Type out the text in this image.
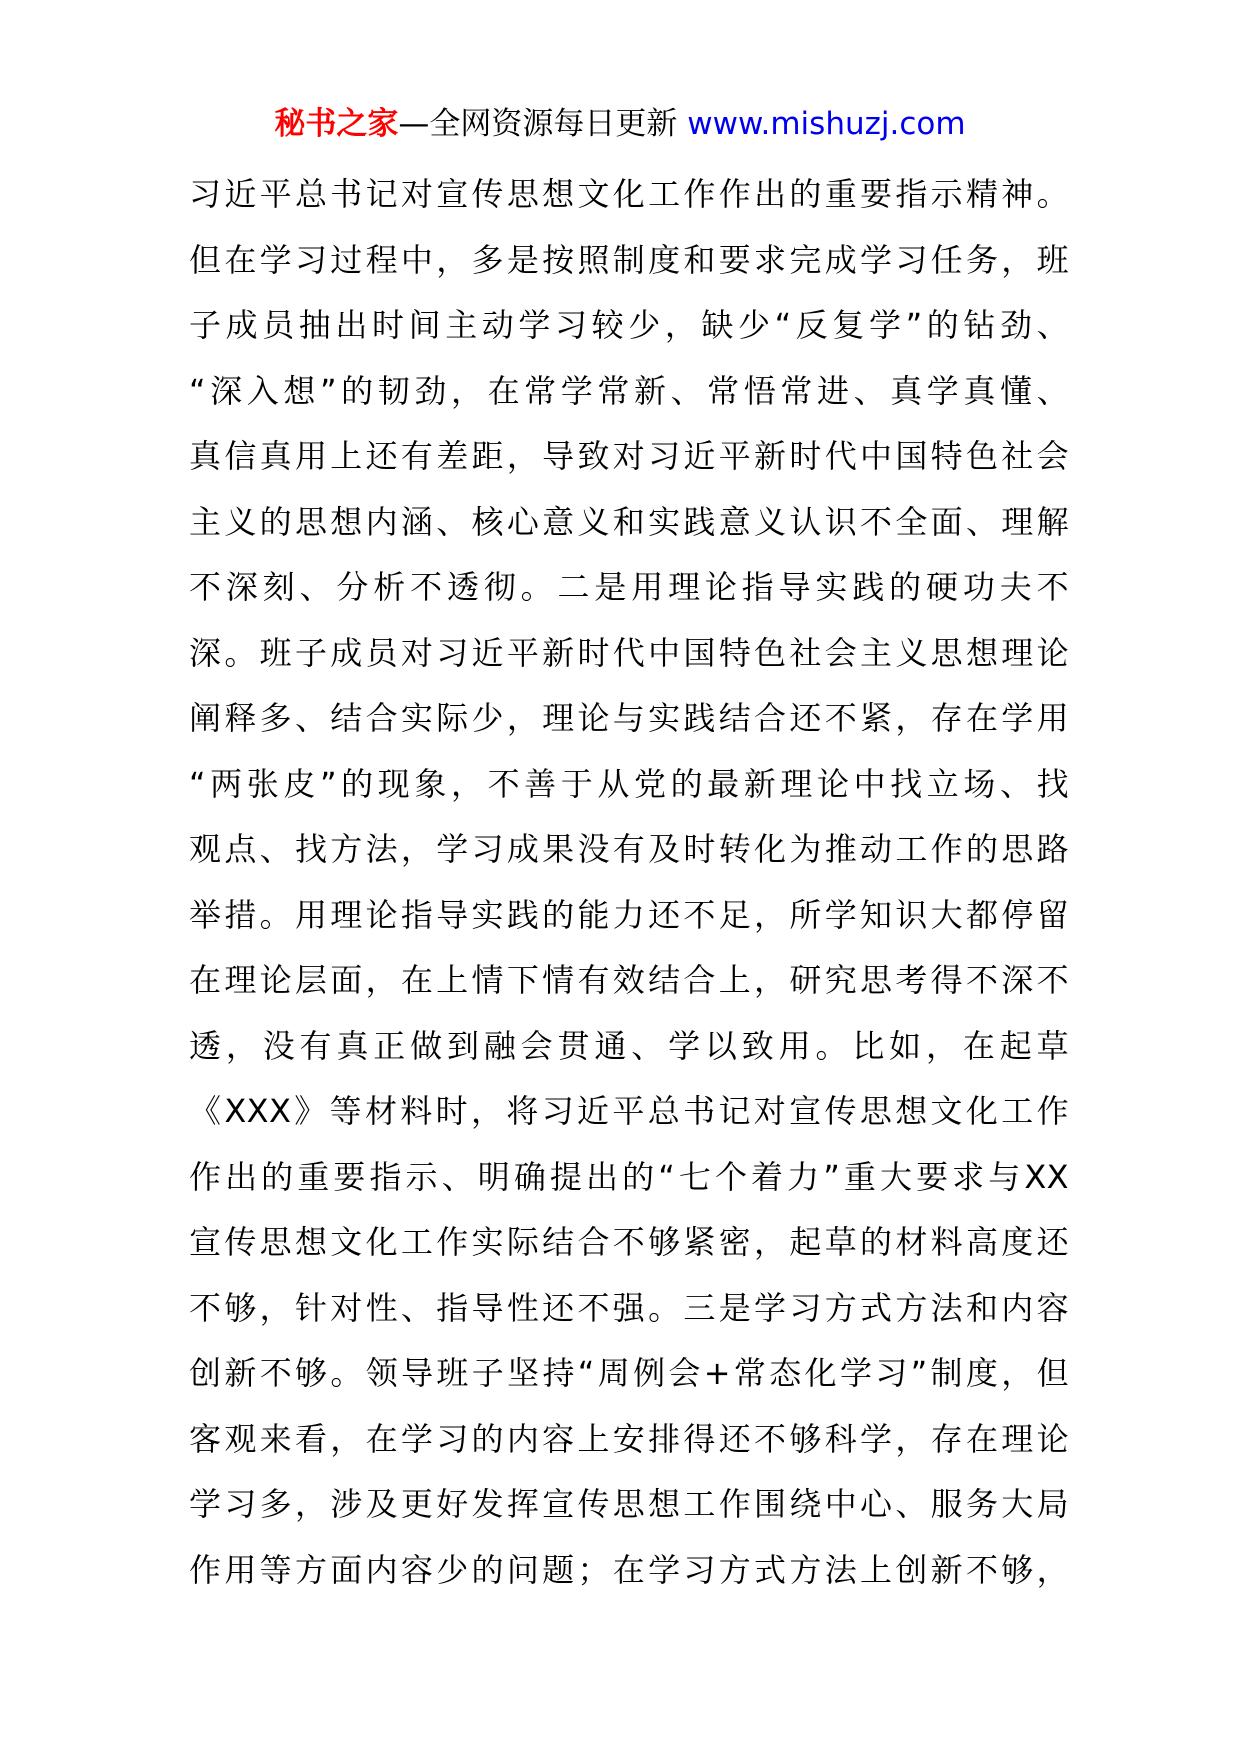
秘书之家—全网资源每日更新 www.mishuzj.com
习近平总书记对宣传思想文化工作作出的重要指示精神。
但在学习过程中，多是按照制度和要求完成学习任务，班
子成员抽出时间主动学习较少，缺少“反复学”的钻劲、
“深入想”的韧劲，在常学常新、常悟常进、真学真懂、
真信真用上还有差距，导致对习近平新时代中国特色社会
主义的思想内涵、核心意义和实践意义认识不全面、理解
不深刻、分析不透彻。二是用理论指导实践的硬功夫不
深。班子成员对习近平新时代中国特色社会主义思想理论
阐释多、结合实际少，理论与实践结合还不紧，存在学用
“两张皮”的现象，不善于从党的最新理论中找立场、找
观点、找方法，学习成果没有及时转化为推动工作的思路
举措。用理论指导实践的能力还不足，所学知识大都停留
在理论层面，在上情下情有效结合上，研究思考得不深不
透，没有真正做到融会贯通、学以致用。比如，在起草
《XXX》等材料时，将习近平总书记对宣传思想文化工作
作出的重要指示、明确提出的“七个着力”重大要求与XX
宣传思想文化工作实际结合不够紧密，起草的材料高度还
不够，针对性、指导性还不强。三是学习方式方法和内容
创新不够。领导班子坚持“周例会+常态化学习”制度，但
客观来看，在学习的内容上安排得还不够科学，存在理论
学习多，涉及更好发挥宣传思想工作围绕中心、服务大局
作用等方面内容少的问题；在学习方式方法上创新不够，
